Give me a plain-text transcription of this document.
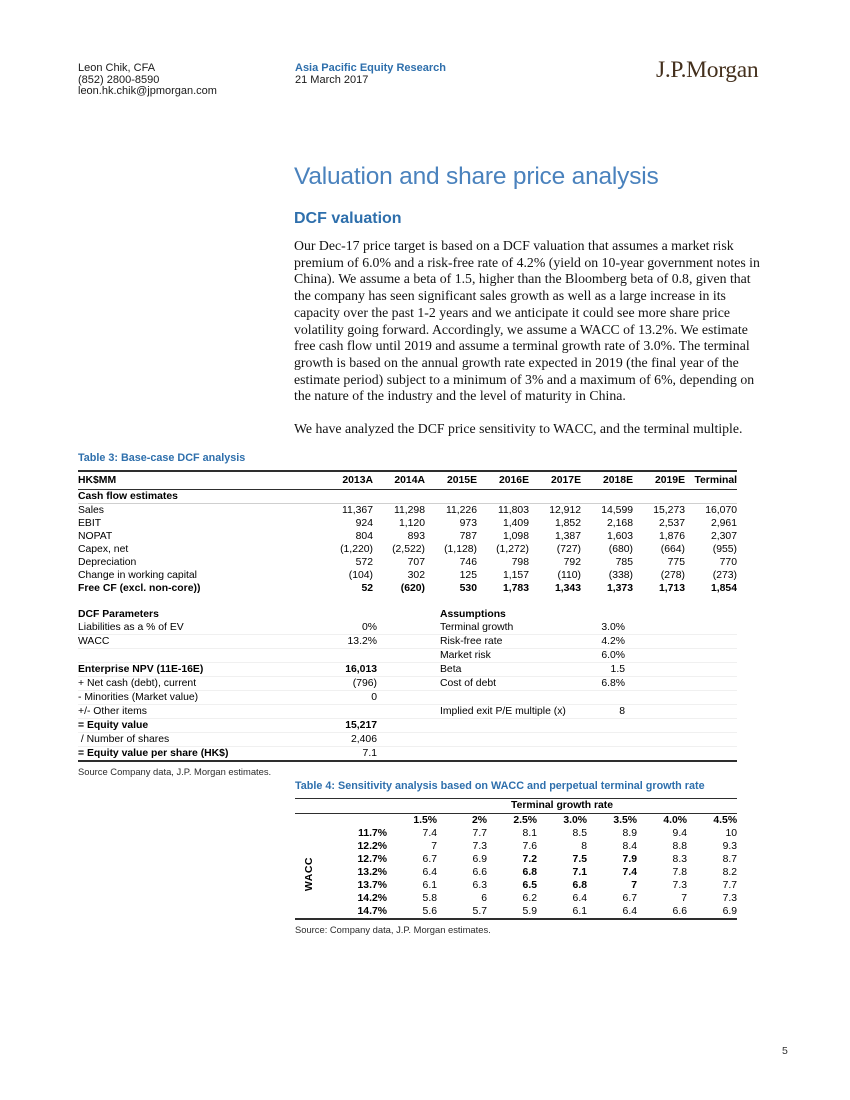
Leon Chik, CFA
(852) 2800-8590
leon.hk.chik@jpmorgan.com
Asia Pacific Equity Research
21 March 2017	J.P.Morgan
Valuation and share price analysis
DCF valuation

Our Dec-17 price target is based on a DCF valuation that assumes a market risk premium of 6.0% and a risk-free rate of 4.2% (yield on 10-year government notes in China). We assume a beta of 1.5, higher than the Bloomberg beta of 0.8, given that the company has seen significant sales growth as well as a large increase in its capacity over the past 1-2 years and we anticipate it could see more share price volatility going forward. Accordingly, we assume a WACC of 13.2%. We estimate free cash flow until 2019 and assume a terminal growth rate of 3.0%. The terminal growth is based on the annual growth rate expected in 2019 (the final year of the estimate period) subject to a minimum of 3% and a maximum of 6%, depending on the nature of the industry and the level of maturity in China.

We have analyzed the DCF price sensitivity to WACC, and the terminal multiple.

Table 3: Base-case DCF analysis
HK$MM	2013A	2014A	2015E	2016E	2017E	2018E	2019E	Terminal
Cash flow estimates								
Sales	11,367	11,298	11,226	11,803	12,912	14,599	15,273	16,070
EBIT	924	1,120	973	1,409	1,852	2,168	2,537	2,961
NOPAT	804	893	787	1,098	1,387	1,603	1,876	2,307
Capex, net	(1,220)	(2,522)	(1,128)	(1,272)	(727)	(680)	(664)	(955)
Depreciation	572	707	746	798	792	785	775	770
Change in working capital	(104)	302	125	1,157	(110)	(338)	(278)	(273)
Free CF (excl. non-core))	52	(620)	530	1,783	1,343	1,373	1,713	1,854
DCF Parameters			Assumptions		
Liabilities as a % of EV	0%		Terminal growth	3.0%	
WACC	13.2%		Risk-free rate	4.2%	
			Market risk	6.0%	
Enterprise NPV (11E-16E)	16,013		Beta	1.5	
+ Net cash (debt), current	(796)		Cost of debt	6.8%	
- Minorities (Market value)	0				
+/- Other items			Implied exit P/E multiple (x)	8	
= Equity value	15,217				
/ Number of shares	2,406				
= Equity value per share (HK$)	7.1				
Source Company data, J.P. Morgan estimates.
Table 4: Sensitivity analysis based on WACC and perpetual terminal growth rate
	Terminal growth rate						
	1.5%	2%	2.5%	3.0%	3.5%	4.0%	4.5%
11.7%	7.4	7.7	8.1	8.5	8.9	9.4	10
12.2%	7	7.3	7.6	8	8.4	8.8	9.3
12.7%	6.7	6.9	7.2	7.5	7.9	8.3	8.7
13.2%	6.4	6.6	6.8	7.1	7.4	7.8	8.2
13.7%	6.1	6.3	6.5	6.8	7	7.3	7.7
14.2%	5.8	6	6.2	6.4	6.7	7	7.3
14.7%	5.6	5.7	5.9	6.1	6.4	6.6	6.9
WACC
Source: Company data, J.P. Morgan estimates.
5
